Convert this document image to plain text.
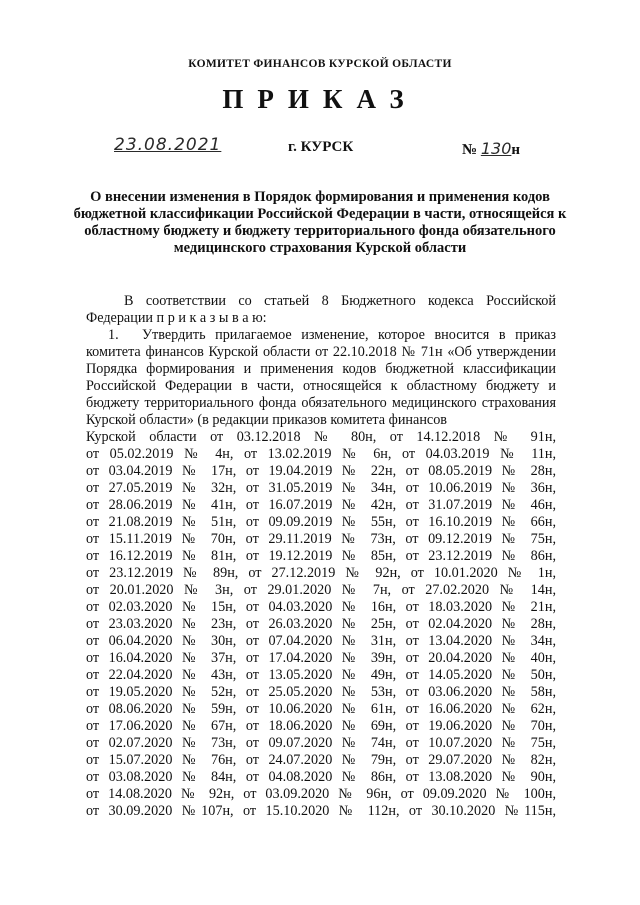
КОМИТЕТ ФИНАНСОВ КУРСКОЙ ОБЛАСТИ
ПРИКАЗ
23.08.2021	г. КУРСК	№ 130н
О внесении изменения в Порядок формирования и применения кодов бюджетной классификации Российской Федерации в части, относящейся к областному бюджету и бюджету территориального фонда обязательного медицинского страхования Курской области

В соответствии со статьей 8 Бюджетного кодекса Российской Федерации п р и к а з ы в а ю:

1. Утвердить прилагаемое изменение, которое вносится в приказ комитета финансов Курской области от 22.10.2018 № 71н «Об утверждении Порядка формирования и применения кодов бюджетной классификации Российской Федерации в части, относящейся к областному бюджету и бюджету территориального фонда обязательного медицинского страхования Курской области» (в редакции приказов комитета финансов

Курской области от 03.12.2018 № 80н, от 14.12.2018 № 91н,
от 05.02.2019 № 4н, от 13.02.2019 № 6н, от 04.03.2019 № 11н,
от 03.04.2019 № 17н, от 19.04.2019 № 22н, от 08.05.2019 № 28н,
от 27.05.2019 № 32н, от 31.05.2019 № 34н, от 10.06.2019 № 36н,
от 28.06.2019 № 41н, от 16.07.2019 № 42н, от 31.07.2019 № 46н,
от 21.08.2019 № 51н, от 09.09.2019 № 55н, от 16.10.2019 № 66н,
от 15.11.2019 № 70н, от 29.11.2019 № 73н, от 09.12.2019 № 75н,
от 16.12.2019 № 81н, от 19.12.2019 № 85н, от 23.12.2019 № 86н,
от 23.12.2019 № 89н, от 27.12.2019 № 92н, от 10.01.2020 № 1н,
от 20.01.2020 № 3н, от 29.01.2020 № 7н, от 27.02.2020 № 14н,
от 02.03.2020 № 15н, от 04.03.2020 № 16н, от 18.03.2020 № 21н,
от 23.03.2020 № 23н, от 26.03.2020 № 25н, от 02.04.2020 № 28н,
от 06.04.2020 № 30н, от 07.04.2020 № 31н, от 13.04.2020 № 34н,
от 16.04.2020 № 37н, от 17.04.2020 № 39н, от 20.04.2020 № 40н,
от 22.04.2020 № 43н, от 13.05.2020 № 49н, от 14.05.2020 № 50н,
от 19.05.2020 № 52н, от 25.05.2020 № 53н, от 03.06.2020 № 58н,
от 08.06.2020 № 59н, от 10.06.2020 № 61н, от 16.06.2020 № 62н,
от 17.06.2020 № 67н, от 18.06.2020 № 69н, от 19.06.2020 № 70н,
от 02.07.2020 № 73н, от 09.07.2020 № 74н, от 10.07.2020 № 75н,
от 15.07.2020 № 76н, от 24.07.2020 № 79н, от 29.07.2020 № 82н,
от 03.08.2020 № 84н, от 04.08.2020 № 86н, от 13.08.2020 № 90н,
от 14.08.2020 № 92н, от 03.09.2020 № 96н, от 09.09.2020 № 100н,
от 30.09.2020 №107н, от 15.10.2020 № 112н, от 30.10.2020 №115н,
